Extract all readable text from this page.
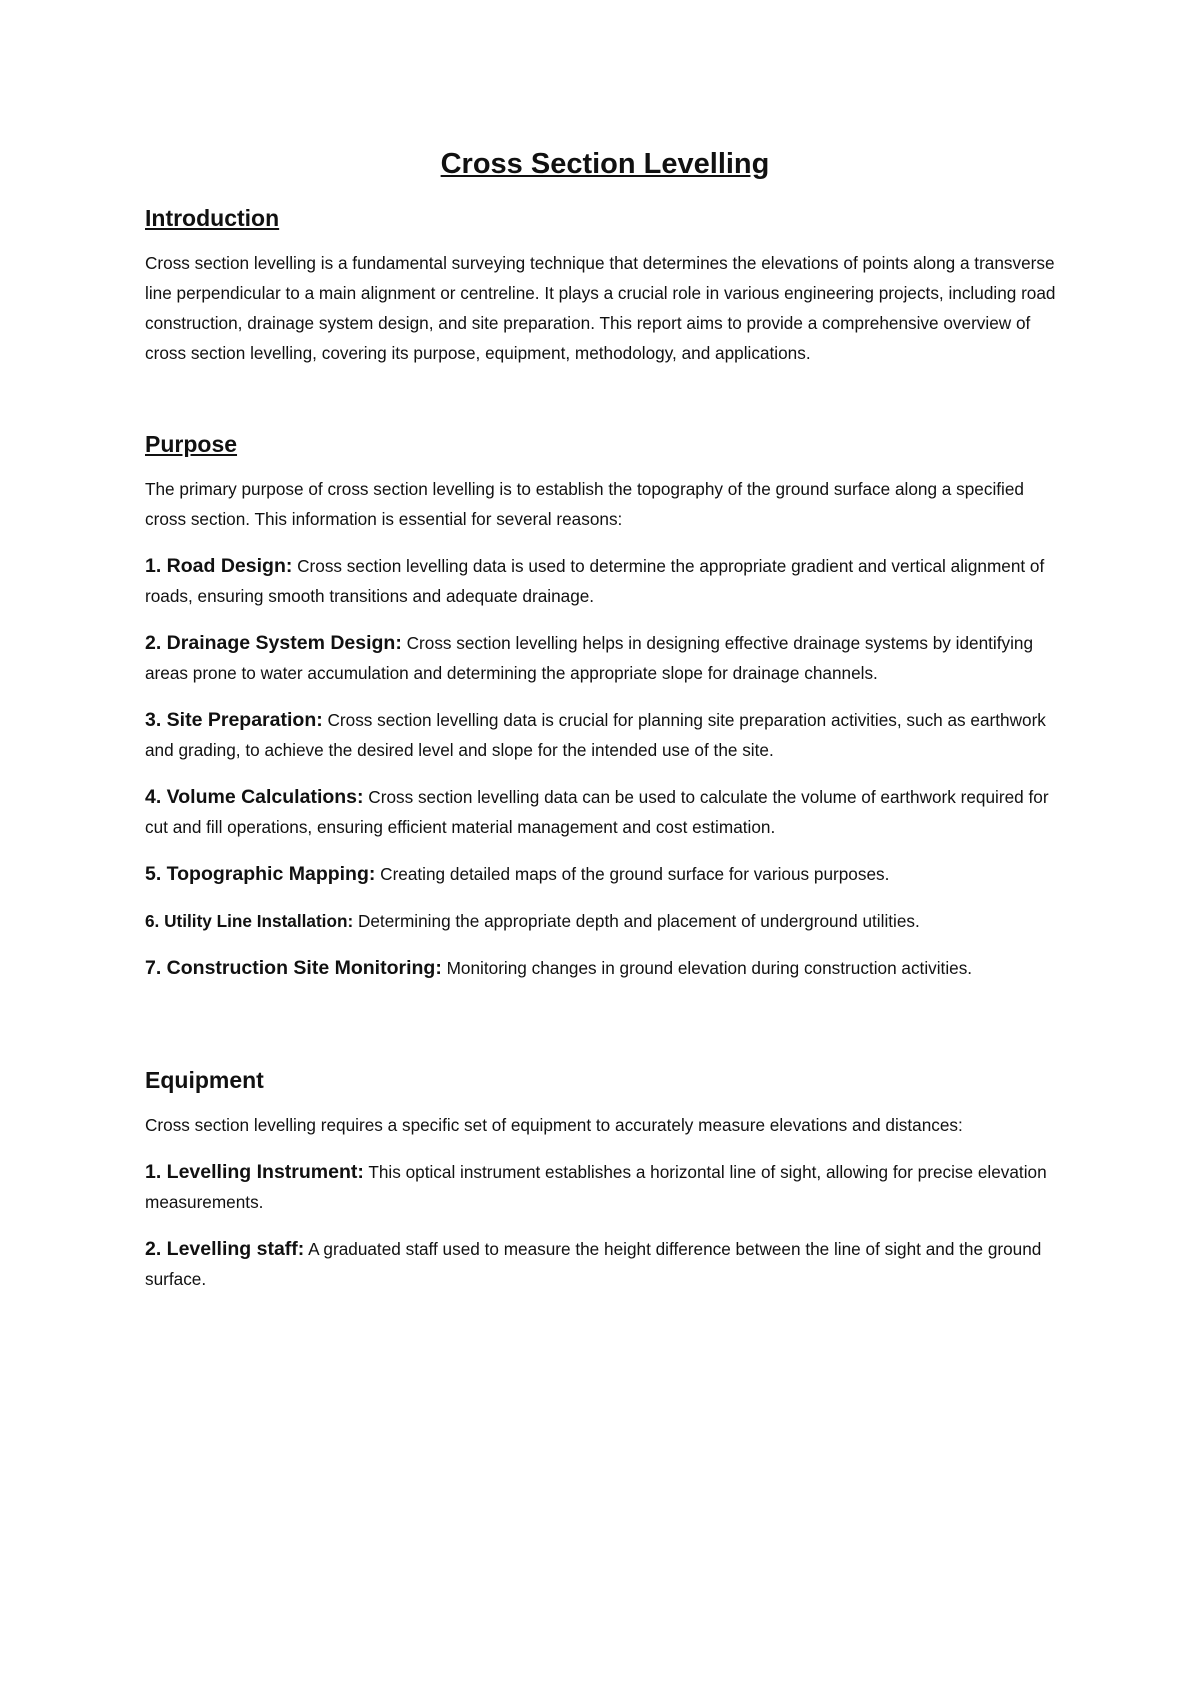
Cross Section Levelling
Introduction

Cross section levelling is a fundamental surveying technique that determines the elevations of points along a transverse line perpendicular to a main alignment or centreline. It plays a crucial role in various engineering projects, including road construction, drainage system design, and site preparation. This report aims to provide a comprehensive overview of cross section levelling, covering its purpose, equipment, methodology, and applications.

Purpose

The primary purpose of cross section levelling is to establish the topography of the ground surface along a specified cross section. This information is essential for several reasons:

1. Road Design: Cross section levelling data is used to determine the appropriate gradient and vertical alignment of roads, ensuring smooth transitions and adequate drainage.

2. Drainage System Design: Cross section levelling helps in designing effective drainage systems by identifying areas prone to water accumulation and determining the appropriate slope for drainage channels.

3. Site Preparation: Cross section levelling data is crucial for planning site preparation activities, such as earthwork and grading, to achieve the desired level and slope for the intended use of the site.

4. Volume Calculations: Cross section levelling data can be used to calculate the volume of earthwork required for cut and fill operations, ensuring efficient material management and cost estimation.

5. Topographic Mapping: Creating detailed maps of the ground surface for various purposes.

6. Utility Line Installation: Determining the appropriate depth and placement of underground utilities.

7. Construction Site Monitoring: Monitoring changes in ground elevation during construction activities.

Equipment

Cross section levelling requires a specific set of equipment to accurately measure elevations and distances:

1. Levelling Instrument: This optical instrument establishes a horizontal line of sight, allowing for precise elevation measurements.

2. Levelling staff: A graduated staff used to measure the height difference between the line of sight and the ground surface.
